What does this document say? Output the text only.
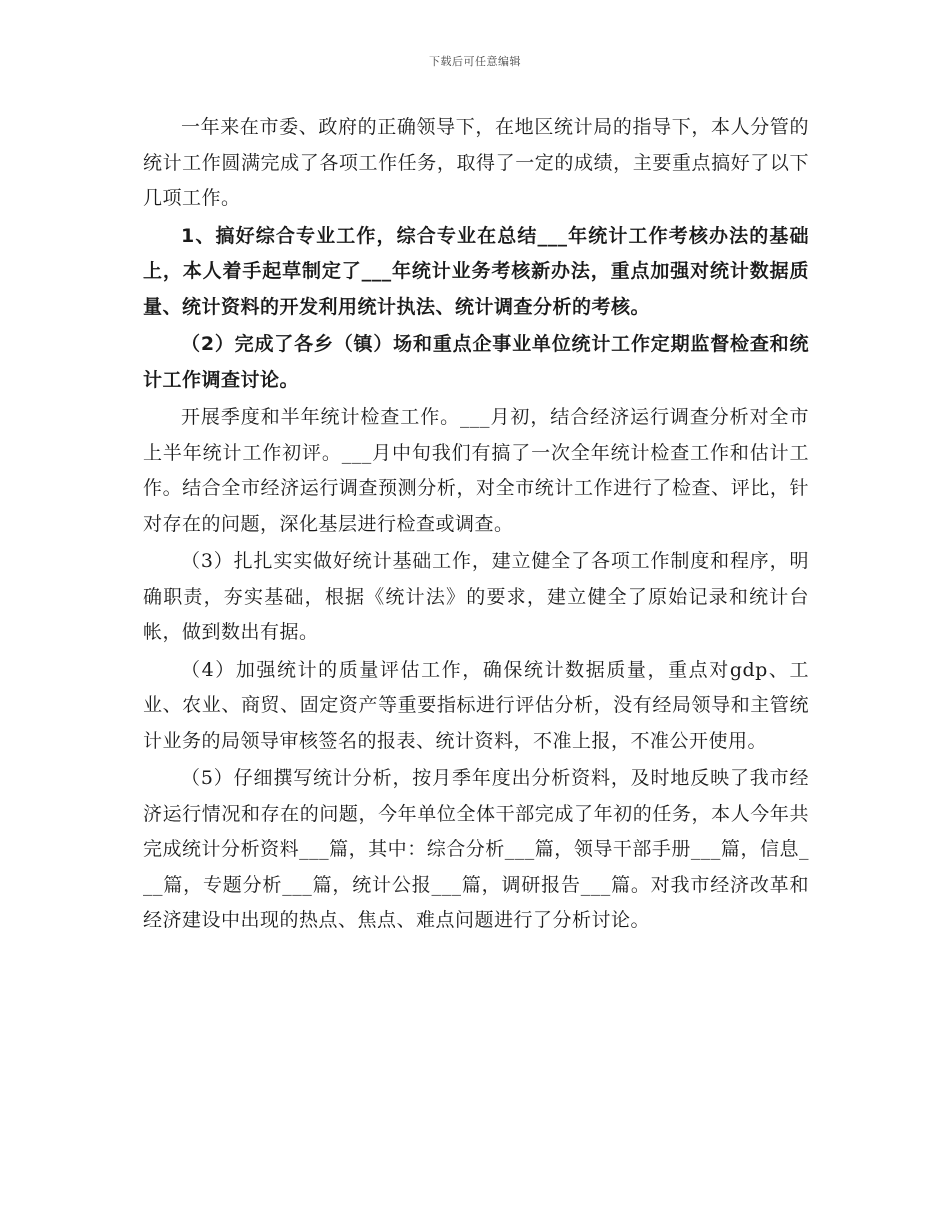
下载后可任意编辑

一年来在市委、政府的正确领导下，在地区统计局的指导下，本人分管的统计工作圆满完成了各项工作任务，取得了一定的成绩，主要重点搞好了以下几项工作。

1、搞好综合专业工作，综合专业在总结___年统计工作考核办法的基础上，本人着手起草制定了___年统计业务考核新办法，重点加强对统计数据质量、统计资料的开发利用统计执法、统计调查分析的考核。

（2）完成了各乡（镇）场和重点企事业单位统计工作定期监督检查和统计工作调查讨论。

开展季度和半年统计检查工作。___月初，结合经济运行调查分析对全市上半年统计工作初评。___月中旬我们有搞了一次全年统计检查工作和估计工作。结合全市经济运行调查预测分析，对全市统计工作进行了检查、评比，针对存在的问题，深化基层进行检查或调查。

（3）扎扎实实做好统计基础工作，建立健全了各项工作制度和程序，明确职责，夯实基础，根据《统计法》的要求，建立健全了原始记录和统计台帐，做到数出有据。

（4）加强统计的质量评估工作，确保统计数据质量，重点对gdp、工业、农业、商贸、固定资产等重要指标进行评估分析，没有经局领导和主管统计业务的局领导审核签名的报表、统计资料，不准上报，不准公开使用。

（5）仔细撰写统计分析，按月季年度出分析资料，及时地反映了我市经济运行情况和存在的问题，今年单位全体干部完成了年初的任务，本人今年共完成统计分析资料___篇，其中：综合分析___篇，领导干部手册___篇，信息___篇，专题分析___篇，统计公报___篇，调研报告___篇。对我市经济改革和经济建设中出现的热点、焦点、难点问题进行了分析讨论。
